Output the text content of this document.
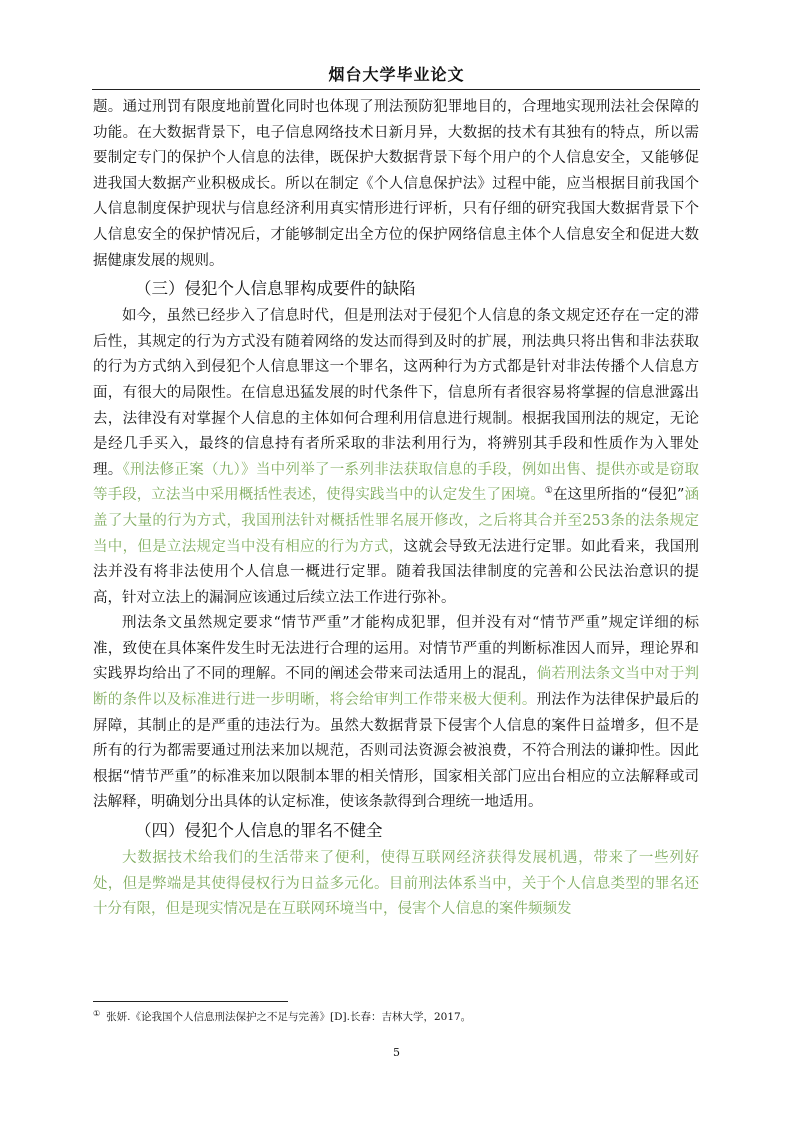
烟台大学毕业论文

题。通过刑罚有限度地前置化同时也体现了刑法预防犯罪地目的，合理地实现刑法社会保障的功能。在大数据背景下，电子信息网络技术日新月异，大数据的技术有其独有的特点，所以需要制定专门的保护个人信息的法律，既保护大数据背景下每个用户的个人信息安全，又能够促进我国大数据产业积极成长。所以在制定《个人信息保护法》过程中能，应当根据目前我国个人信息制度保护现状与信息经济利用真实情形进行评析，只有仔细的研究我国大数据背景下个人信息安全的保护情况后，才能够制定出全方位的保护网络信息主体个人信息安全和促进大数据健康发展的规则。

（三）侵犯个人信息罪构成要件的缺陷

如今，虽然已经步入了信息时代，但是刑法对于侵犯个人信息的条文规定还存在一定的滞后性，其规定的行为方式没有随着网络的发达而得到及时的扩展，刑法典只将出售和非法获取的行为方式纳入到侵犯个人信息罪这一个罪名，这两种行为方式都是针对非法传播个人信息方面，有很大的局限性。在信息迅猛发展的时代条件下，信息所有者很容易将掌握的信息泄露出去，法律没有对掌握个人信息的主体如何合理利用信息进行规制。根据我国刑法的规定，无论是经几手买入，最终的信息持有者所采取的非法利用行为，将辨别其手段和性质作为入罪处理。《刑法修正案（九）》当中列举了一系列非法获取信息的手段，例如出售、提供亦或是窃取等手段，立法当中采用概括性表述，使得实践当中的认定发生了困境。①在这里所指的“侵犯”涵盖了大量的行为方式，我国刑法针对概括性罪名展开修改，之后将其合并至253条的法条规定当中，但是立法规定当中没有相应的行为方式，这就会导致无法进行定罪。如此看来，我国刑法并没有将非法使用个人信息一概进行定罪。随着我国法律制度的完善和公民法治意识的提高，针对立法上的漏洞应该通过后续立法工作进行弥补。

刑法条文虽然规定要求“情节严重”才能构成犯罪，但并没有对“情节严重”规定详细的标准，致使在具体案件发生时无法进行合理的运用。对情节严重的判断标准因人而异，理论界和实践界均给出了不同的理解。不同的阐述会带来司法适用上的混乱，倘若刑法条文当中对于判断的条件以及标准进行进一步明晰，将会给审判工作带来极大便利。刑法作为法律保护最后的屏障，其制止的是严重的违法行为。虽然大数据背景下侵害个人信息的案件日益增多，但不是所有的行为都需要通过刑法来加以规范，否则司法资源会被浪费，不符合刑法的谦抑性。因此根据“情节严重”的标准来加以限制本罪的相关情形，国家相关部门应出台相应的立法解释或司法解释，明确划分出具体的认定标准，使该条款得到合理统一地适用。

（四）侵犯个人信息的罪名不健全

大数据技术给我们的生活带来了便利，使得互联网经济获得发展机遇，带来了一些列好处，但是弊端是其使得侵权行为日益多元化。目前刑法体系当中，关于个人信息类型的罪名还十分有限，但是现实情况是在互联网环境当中，侵害个人信息的案件频频发

① 张妍.《论我国个人信息刑法保护之不足与完善》[D].长春：吉林大学，2017。
5
